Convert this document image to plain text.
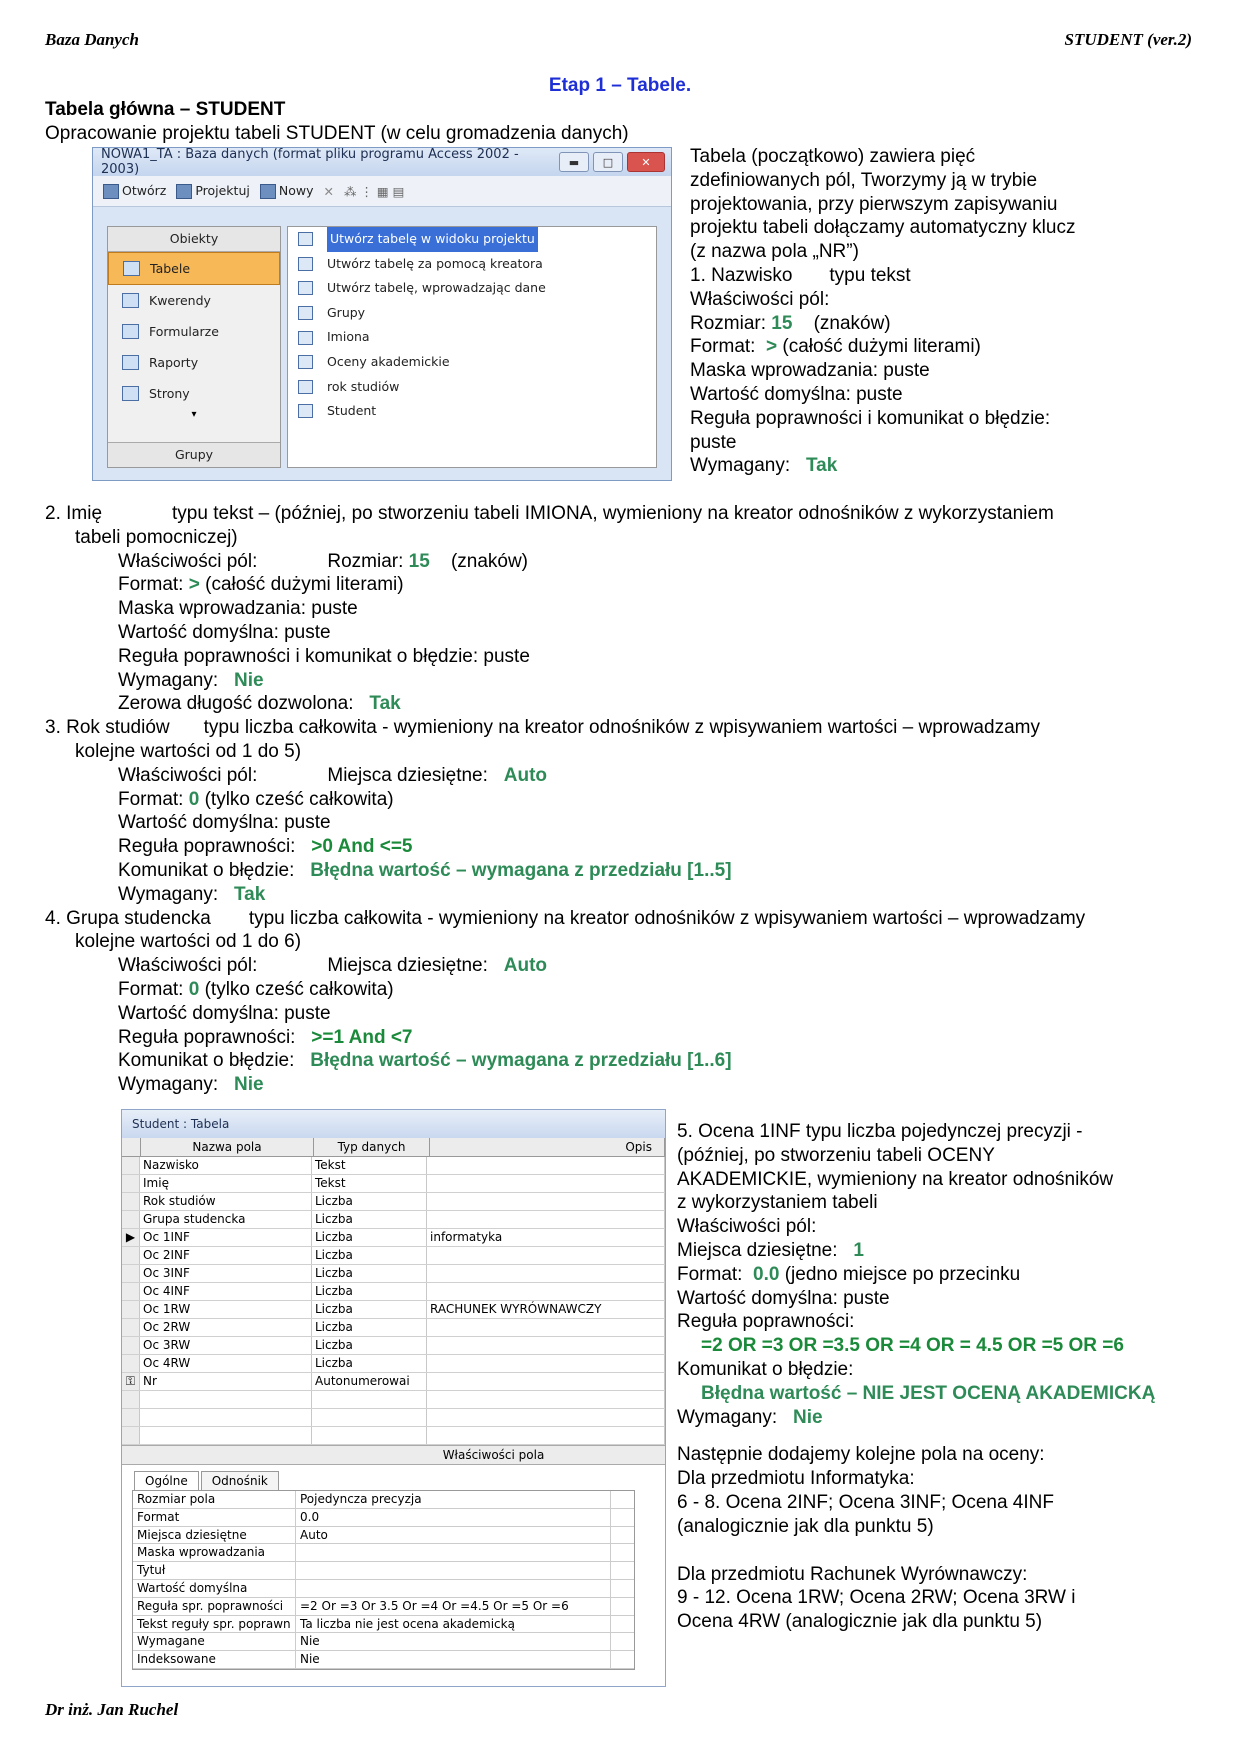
Baza Danych	STUDENT (ver.2)
Dr inż. Jan Ruchel
Etap 1 – Tabele.
Tabela główna – STUDENT
Opracowanie projektu tabeli STUDENT (w celu gromadzenia danych)
NOWA1_TA : Baza danych (format pliku programu Access 2002 - 2003)	▬	□	✕
Otwórz	Projektuj	Nowy ✕ ⁂ ⋮ ▦ ▤
Obiekty
Tabele
Kwerendy
Formularze
Raporty
Strony
▾
Grupy
Utwórz tabelę w widoku projektu
Utwórz tabelę za pomocą kreatora
Utwórz tabelę, wprowadzając dane
Grupy
Imiona
Oceny akademickie
rok studiów
Student
Tabela (początkowo) zawiera pięć
zdefiniowanych pól, Tworzymy ją w trybie
projektowania, przy pierwszym zapisywaniu
projektu tabeli dołączamy automatyczny klucz
(z nazwa pola „NR”)
1. Nazwisko typu tekst
Właściwości pól:
Rozmiar: 15 (znaków)
Format: > (całość dużymi literami)
Maska wprowadzania: puste
Wartość domyślna: puste
Reguła poprawności i komunikat o błędzie:
puste
Wymagany: Tak
2. Imię	typu tekst – (później, po stworzeniu tabeli IMIONA, wymieniony na kreator odnośników z wykorzystaniem
tabeli pomocniczej)
Właściwości pól:	Rozmiar: 15 (znaków)
Format: > (całość dużymi literami)
Maska wprowadzania: puste
Wartość domyślna: puste
Reguła poprawności i komunikat o błędzie: puste
Wymagany: Nie
Zerowa długość dozwolona: Tak
3. Rok studiów typu liczba całkowita - wymieniony na kreator odnośników z wpisywaniem wartości – wprowadzamy
kolejne wartości od 1 do 5)
Właściwości pól:	Miejsca dziesiętne: Auto
Format: 0 (tylko cześć całkowita)
Wartość domyślna: puste
Reguła poprawności: >0 And <=5
Komunikat o błędzie: Błędna wartość – wymagana z przedziału [1..5]
Wymagany: Tak
4. Grupa studencka typu liczba całkowita - wymieniony na kreator odnośników z wpisywaniem wartości – wprowadzamy
kolejne wartości od 1 do 6)
Właściwości pól:	Miejsca dziesiętne: Auto
Format: 0 (tylko cześć całkowita)
Wartość domyślna: puste
Reguła poprawności: >=1 And <7
Komunikat o błędzie: Błędna wartość – wymagana z przedziału [1..6]
Wymagany: Nie
Student : Tabela
Nazwa pola	Typ danych	Opis
Nazwisko	Tekst
Imię	Tekst
Rok studiów	Liczba
Grupa studencka	Liczba
▶ Oc 1INF	Liczba	informatyka
Oc 2INF	Liczba
Oc 3INF	Liczba
Oc 4INF	Liczba
Oc 1RW	Liczba	RACHUNEK WYRÓWNAWCZY
Oc 2RW	Liczba
Oc 3RW	Liczba
Oc 4RW	Liczba
⚿ Nr	Autonumerowai
Właściwości pola
Ogólne	Odnośnik
Rozmiar pola	Pojedyncza precyzja
Format	0.0
Miejsca dziesiętne	Auto
Maska wprowadzania
Tytuł
Wartość domyślna
Reguła spr. poprawności	=2 Or =3 Or 3.5 Or =4 Or =4.5 Or =5 Or =6
Tekst reguły spr. poprawn Ta liczba nie jest ocena akademicką
Wymagane	Nie
Indeksowane	Nie
5. Ocena 1INF typu liczba pojedynczej precyzji -
(później, po stworzeniu tabeli OCENY
AKADEMICKIE, wymieniony na kreator odnośników
z wykorzystaniem tabeli
Właściwości pól:
Miejsca dziesiętne: 1
Format: 0.0 (jedno miejsce po przecinku
Wartość domyślna: puste
Reguła poprawności:
=2 OR =3 OR =3.5 OR =4 OR = 4.5 OR =5 OR =6
Komunikat o błędzie:
Błędna wartość – NIE JEST OCENĄ AKADEMICKĄ
Wymagany: Nie
Następnie dodajemy kolejne pola na oceny:
Dla przedmiotu Informatyka:
6 - 8. Ocena 2INF; Ocena 3INF; Ocena 4INF
(analogicznie jak dla punktu 5)
Dla przedmiotu Rachunek Wyrównawczy:
9 - 12. Ocena 1RW; Ocena 2RW; Ocena 3RW i
Ocena 4RW (analogicznie jak dla punktu 5)
